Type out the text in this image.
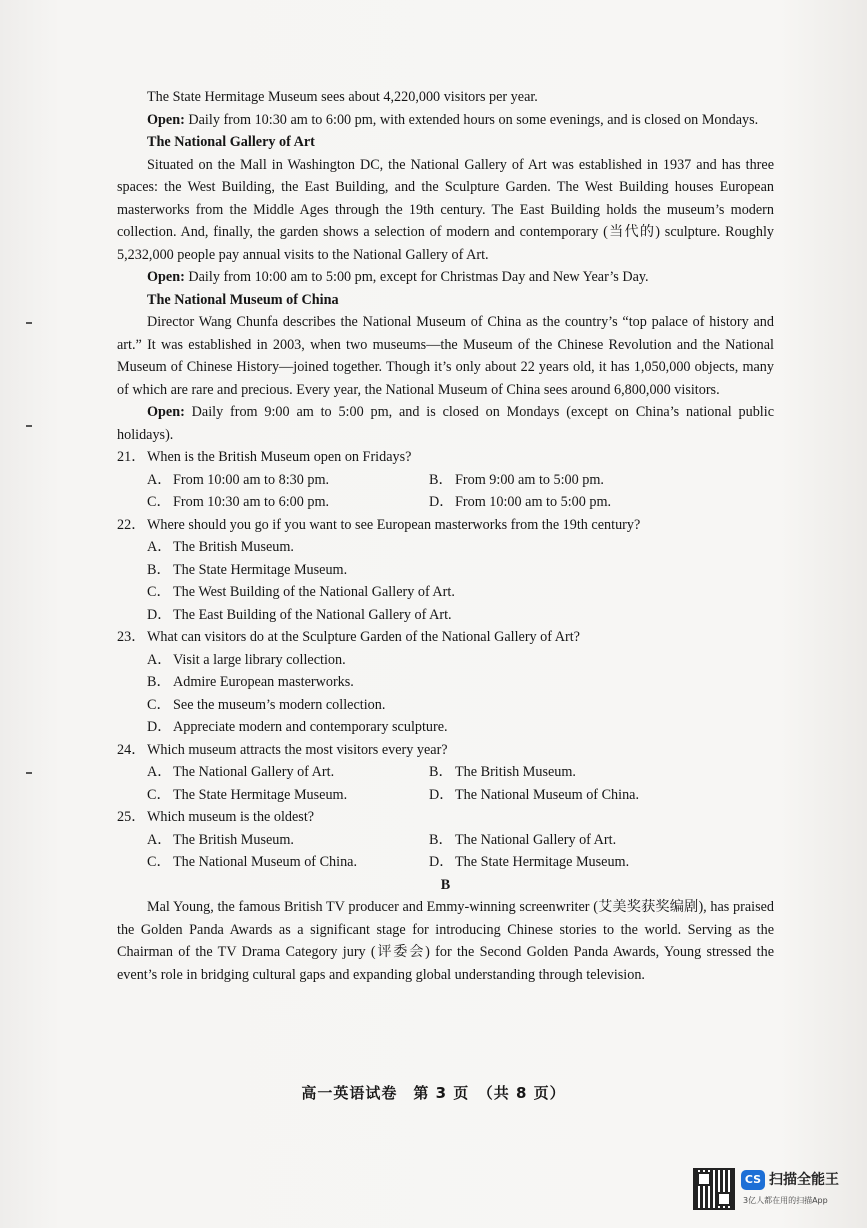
The State Hermitage Museum sees about 4,220,000 visitors per year.

Open: Daily from 10:30 am to 6:00 pm, with extended hours on some evenings, and is closed on Mondays.

The National Gallery of Art

Situated on the Mall in Washington DC, the National Gallery of Art was established in 1937 and has three spaces: the West Building, the East Building, and the Sculpture Garden. The West Building houses European masterworks from the Middle Ages through the 19th century. The East Building holds the museum’s modern collection. And, finally, the garden shows a selection of modern and contemporary (当代的) sculpture. Roughly 5,232,000 people pay annual visits to the National Gallery of Art.

Open: Daily from 10:00 am to 5:00 pm, except for Christmas Day and New Year’s Day.

The National Museum of China

Director Wang Chunfa describes the National Museum of China as the country’s “top palace of history and art.” It was established in 2003, when two museums—the Museum of the Chinese Revolution and the National Museum of Chinese History—joined together. Though it’s only about 22 years old, it has 1,050,000 objects, many of which are rare and precious. Every year, the National Museum of China sees around 6,800,000 visitors.

Open: Daily from 9:00 am to 5:00 pm, and is closed on Mondays (except on China’s national public holidays).

21． When is the British Museum open on Fridays?

A． From 10:00 am to 8:30 pm.	B． From 9:00 am to 5:00 pm.
C． From 10:30 am to 6:00 pm.	D． From 10:00 am to 5:00 pm.

22． Where should you go if you want to see European masterworks from the 19th century?

A． The British Museum.
B． The State Hermitage Museum.
C． The West Building of the National Gallery of Art.
D． The East Building of the National Gallery of Art.

23． What can visitors do at the Sculpture Garden of the National Gallery of Art?

A． Visit a large library collection.
B． Admire European masterworks.
C． See the museum’s modern collection.
D． Appreciate modern and contemporary sculpture.

24． Which museum attracts the most visitors every year?

A． The National Gallery of Art.	B． The British Museum.
C． The State Hermitage Museum.	D． The National Museum of China.

25． Which museum is the oldest?

A． The British Museum.	B． The National Gallery of Art.
C． The National Museum of China.	D． The State Hermitage Museum.

B

Mal Young, the famous British TV producer and Emmy-winning screenwriter (艾美奖获奖编剧), has praised the Golden Panda Awards as a significant stage for introducing Chinese stories to the world. Serving as the Chairman of the TV Drama Category jury (评委会) for the Second Golden Panda Awards, Young stressed the event’s role in bridging cultural gaps and expanding global understanding through television.

高一英语试卷　第 3 页　（共 8 页）
CS 扫描全能王
3亿人都在用的扫描App
